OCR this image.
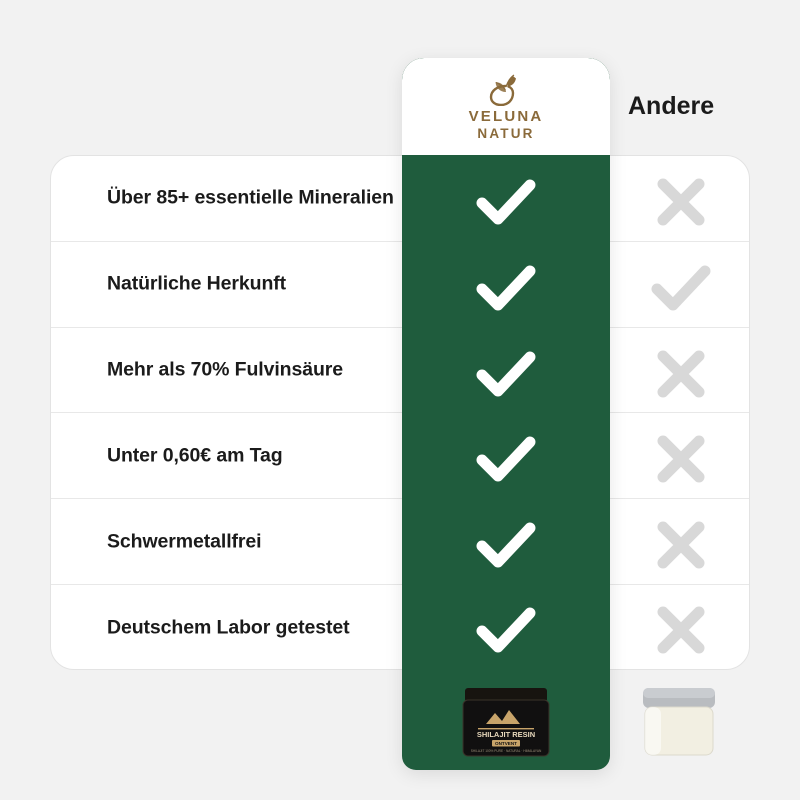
Andere
Über 85+ essentielle Mineralien
Natürliche Herkunft
Mehr als 70% Fulvinsäure
Unter 0,60€ am Tag
Schwermetallfrei
Deutschem Labor getestet
VELUNA
NATUR
SHILAJIT RESIN
ONTVENT
SHILAJIT 100% PURE · NATURAL · HIMALAYAN
